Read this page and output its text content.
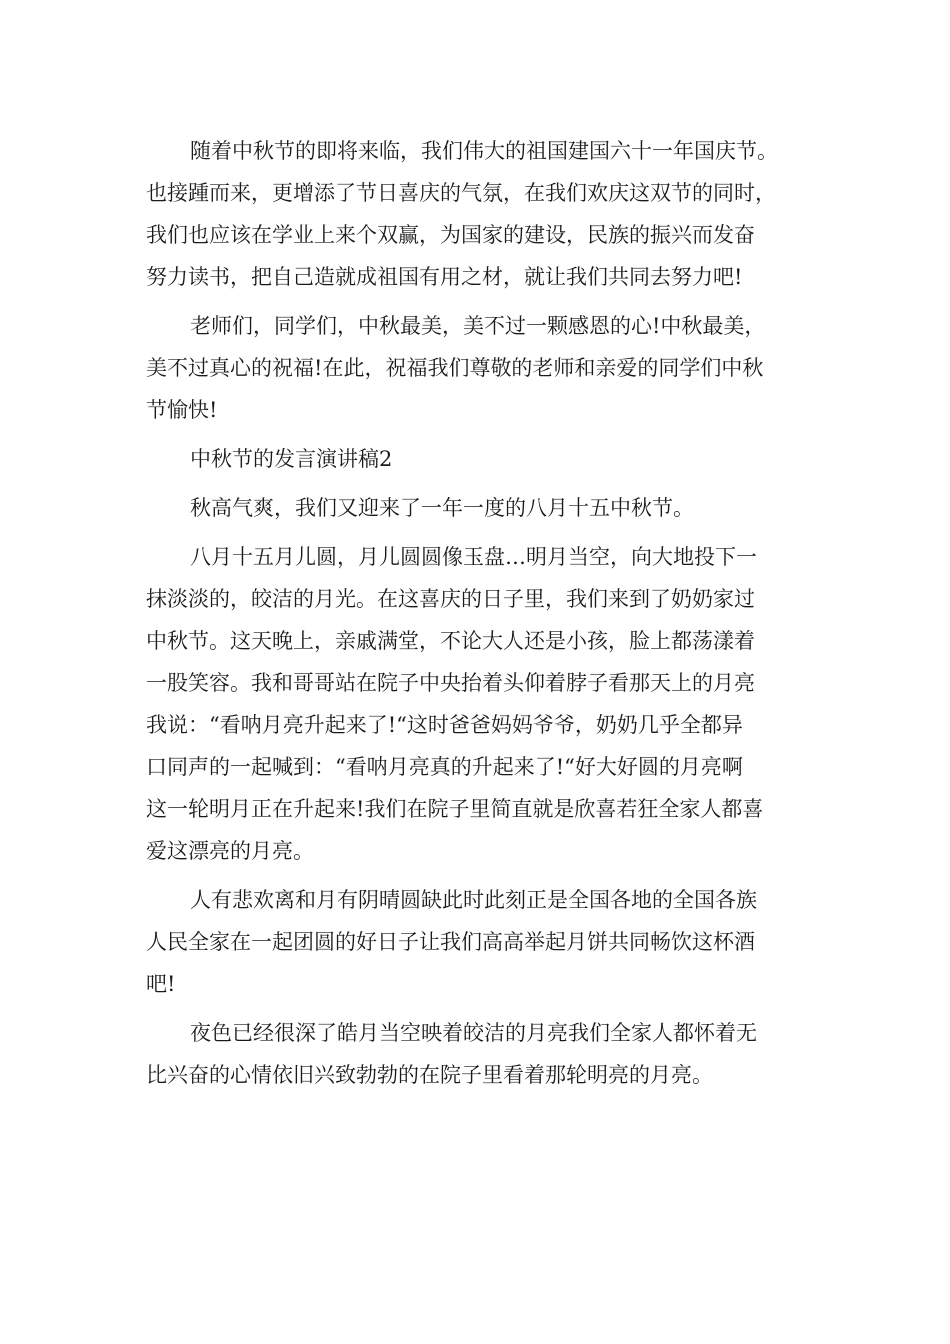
随着中秋节的即将来临，我们伟大的祖国建国六十一年国庆节。
也接踵而来，更增添了节日喜庆的气氛，在我们欢庆这双节的同时，
我们也应该在学业上来个双赢，为国家的建设，民族的振兴而发奋
努力读书，把自己造就成祖国有用之材，就让我们共同去努力吧!

老师们，同学们，中秋最美，美不过一颗感恩的心!中秋最美，
美不过真心的祝福!在此，祝福我们尊敬的老师和亲爱的同学们中秋
节愉快!

中秋节的发言演讲稿2

秋高气爽，我们又迎来了一年一度的八月十五中秋节。

八月十五月儿圆，月儿圆圆像玉盘…明月当空，向大地投下一
抹淡淡的，皎洁的月光。在这喜庆的日子里，我们来到了奶奶家过
中秋节。这天晚上，亲戚满堂，不论大人还是小孩，脸上都荡漾着
一股笑容。我和哥哥站在院子中央抬着头仰着脖子看那天上的月亮
我说：“看呐月亮升起来了!“这时爸爸妈妈爷爷，奶奶几乎全都异
口同声的一起喊到：“看呐月亮真的升起来了!“好大好圆的月亮啊
这一轮明月正在升起来!我们在院子里简直就是欣喜若狂全家人都喜
爱这漂亮的月亮。

人有悲欢离和月有阴晴圆缺此时此刻正是全国各地的全国各族
人民全家在一起团圆的好日子让我们高高举起月饼共同畅饮这杯酒
吧!

夜色已经很深了皓月当空映着皎洁的月亮我们全家人都怀着无
比兴奋的心情依旧兴致勃勃的在院子里看着那轮明亮的月亮。
